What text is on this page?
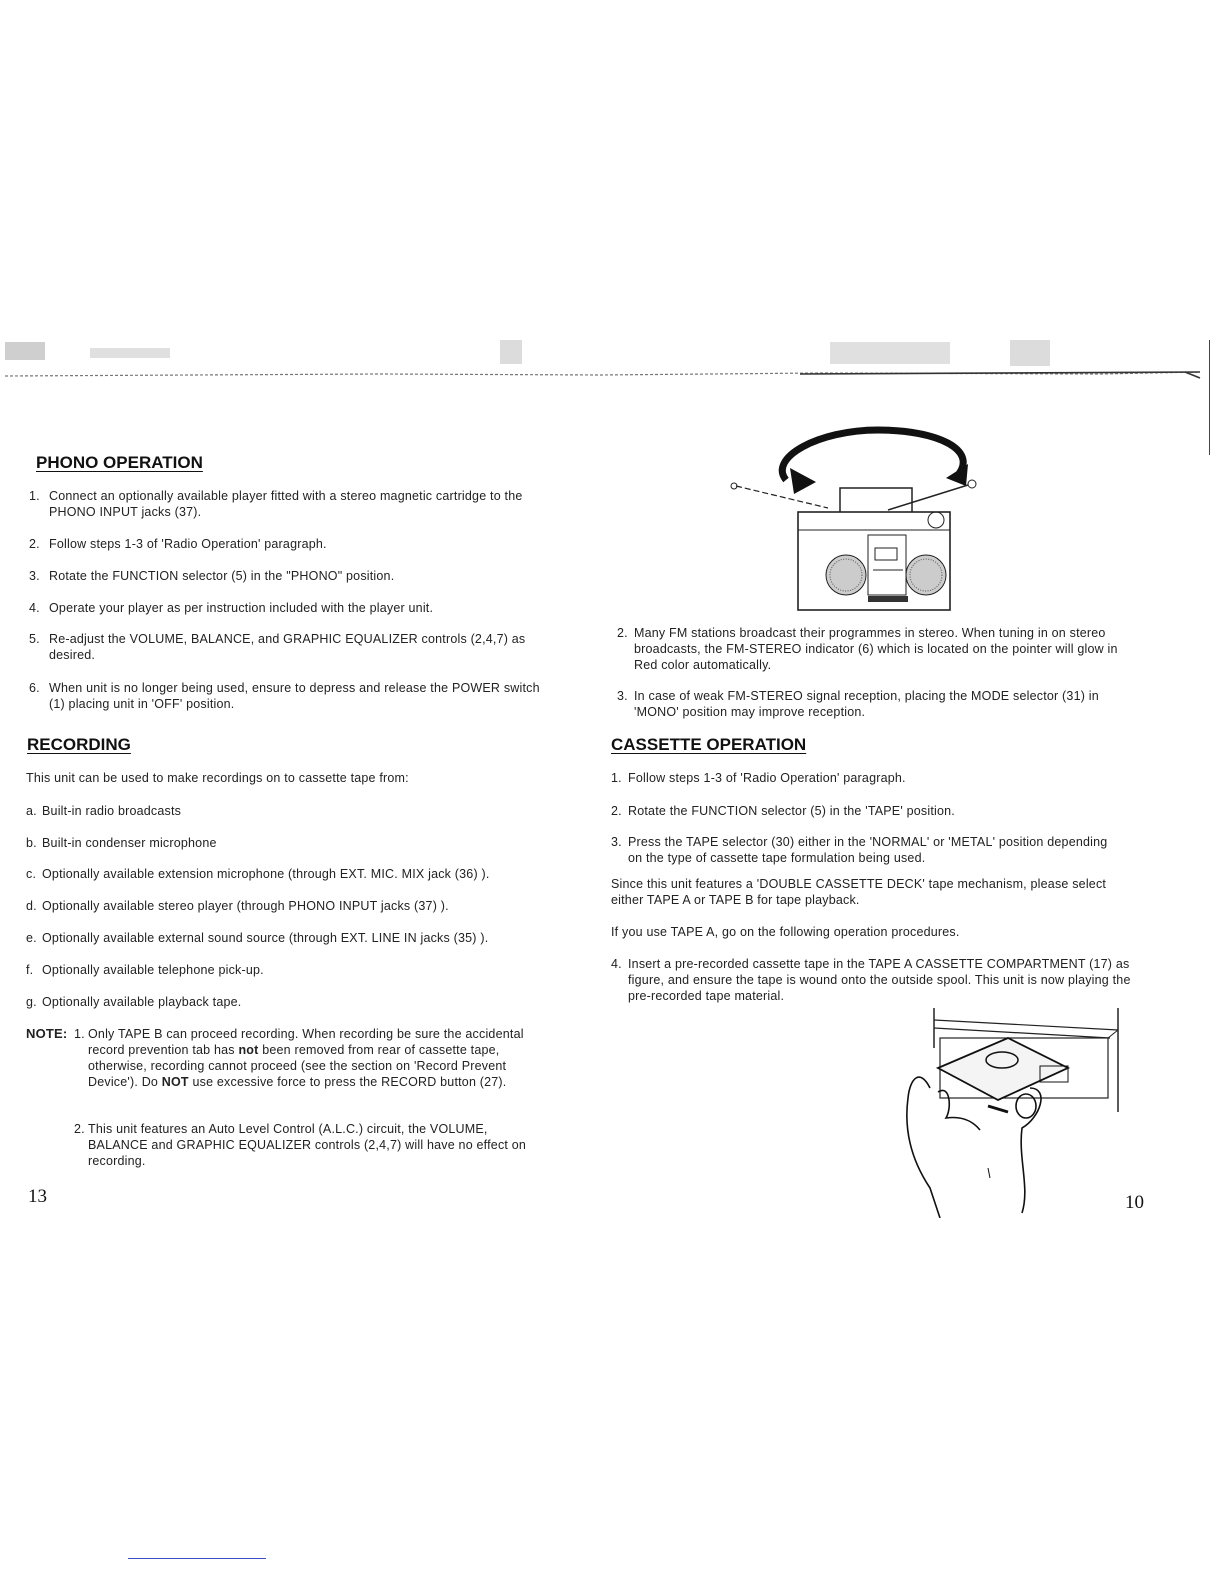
PHONO OPERATION
1. Connect an optionally available player fitted with a stereo magnetic cartridge to the PHONO INPUT jacks (37).
2. Follow steps 1-3 of 'Radio Operation' paragraph.
3. Rotate the FUNCTION selector (5) in the "PHONO" position.
4. Operate your player as per instruction included with the player unit.
5. Re-adjust the VOLUME, BALANCE, and GRAPHIC EQUALIZER controls (2,4,7) as desired.
6. When unit is no longer being used, ensure to depress and release the POWER switch (1) placing unit in 'OFF' position.
RECORDING
This unit can be used to make recordings on to cassette tape from:
a. Built-in radio broadcasts
b. Built-in condenser microphone
c. Optionally available extension microphone (through EXT. MIC. MIX jack (36) ).
d. Optionally available stereo player (through PHONO INPUT jacks (37) ).
e. Optionally available external sound source (through EXT. LINE IN jacks (35) ).
f. Optionally available telephone pick-up.
g. Optionally available playback tape.
NOTE: 1. Only TAPE B can proceed recording. When recording be sure the accidental record prevention tab has not been removed from rear of cassette tape, otherwise, recording cannot proceed (see the section on 'Record Prevent Device'). Do NOT use excessive force to press the RECORD button (27).
2. This unit features an Auto Level Control (A.L.C.) circuit, the VOLUME, BALANCE and GRAPHIC EQUALIZER controls (2,4,7) will have no effect on recording.
13
2. Many FM stations broadcast their programmes in stereo. When tuning in on stereo broadcasts, the FM-STEREO indicator (6) which is located on the pointer will glow in Red color automatically.
3. In case of weak FM-STEREO signal reception, placing the MODE selector (31) in 'MONO' position may improve reception.
CASSETTE OPERATION
1. Follow steps 1-3 of 'Radio Operation' paragraph.
2. Rotate the FUNCTION selector (5) in the 'TAPE' position.
3. Press the TAPE selector (30) either in the 'NORMAL' or 'METAL' position depending on the type of cassette tape formulation being used.
Since this unit features a 'DOUBLE CASSETTE DECK' tape mechanism, please select either TAPE A or TAPE B for tape playback.
If you use TAPE A, go on the following operation procedures.
4. Insert a pre-recorded cassette tape in the TAPE A CASSETTE COMPARTMENT (17) as figure, and ensure the tape is wound onto the outside spool. This unit is now playing the pre-recorded tape material.
10
